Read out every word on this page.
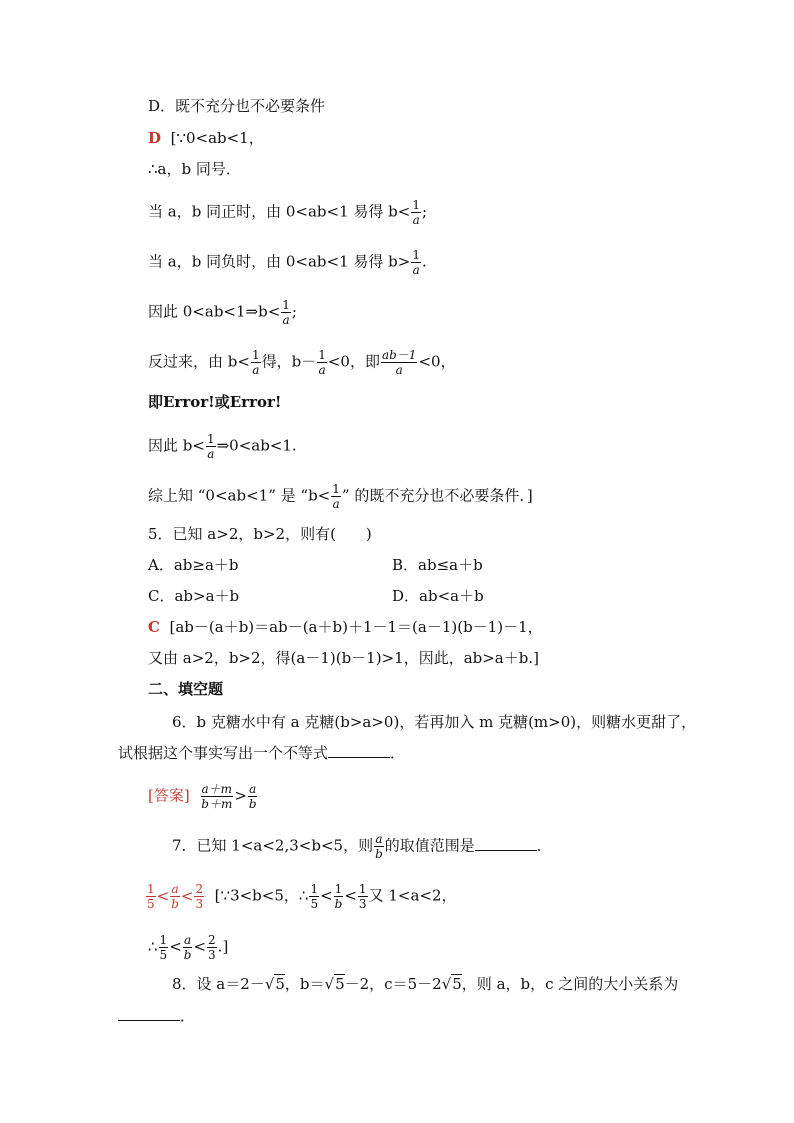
D．既不充分也不必要条件
D [∵0<ab<1，
∴a，b 同号．
当 a，b 同正时，由 0<ab<1 易得 $b< \frac{1}{a}$ ;
当 a，b 同负时，由 0<ab<1 易得 $b> \frac{1}{a}$ .
因此 0<ab<1⇒b< $\frac{1}{a}$ ;
反过来，由 $b< \frac{1}{a}$ 得，$b- \frac{1}{a} <0$，即 $\frac{ab-1}{a} <0$，
即Error!或Error!
因此 $b< \frac{1}{a}$ ⇒0<ab<1.
综上知 “0<ab<1” 是 “$b< \frac{1}{a}$ ” 的既不充分也不必要条件．]
5．已知 a>2，b>2，则有(　　)
A．ab≥a＋b	B．ab≤a＋b
C．ab>a＋b	D．ab<a＋b
C [ab－(a＋b)＝ab－(a＋b)＋1－1＝(a－1)(b－1)－1，
又由 a>2，b>2，得(a－1)(b－1)>1，因此，ab>a＋b.]
二、填空题
6．b 克糖水中有 a 克糖(b>a>0)，若再加入 m 克糖(m>0)，则糖水更甜了，
试根据这个事实写出一个不等式	．
[答案] $\frac{a+m}{b+m} > \frac{a}{b}$
7．已知 1<a<2,3<b<5，则 $\frac{a}{b}$ 的取值范围是	．
$\frac{1}{5} < \frac{a}{b} < \frac{2}{3}$ [∵3<b<5，∴ $\frac{1}{5} < \frac{1}{b} < \frac{1}{3}$ 又 1<a<2，
∴ $\frac{1}{5} < \frac{a}{b} < \frac{2}{3}$ .]
8．设 a＝2－√5，b＝√5－2，c＝5－2√5，则 a，b，c 之间的大小关系为
．
